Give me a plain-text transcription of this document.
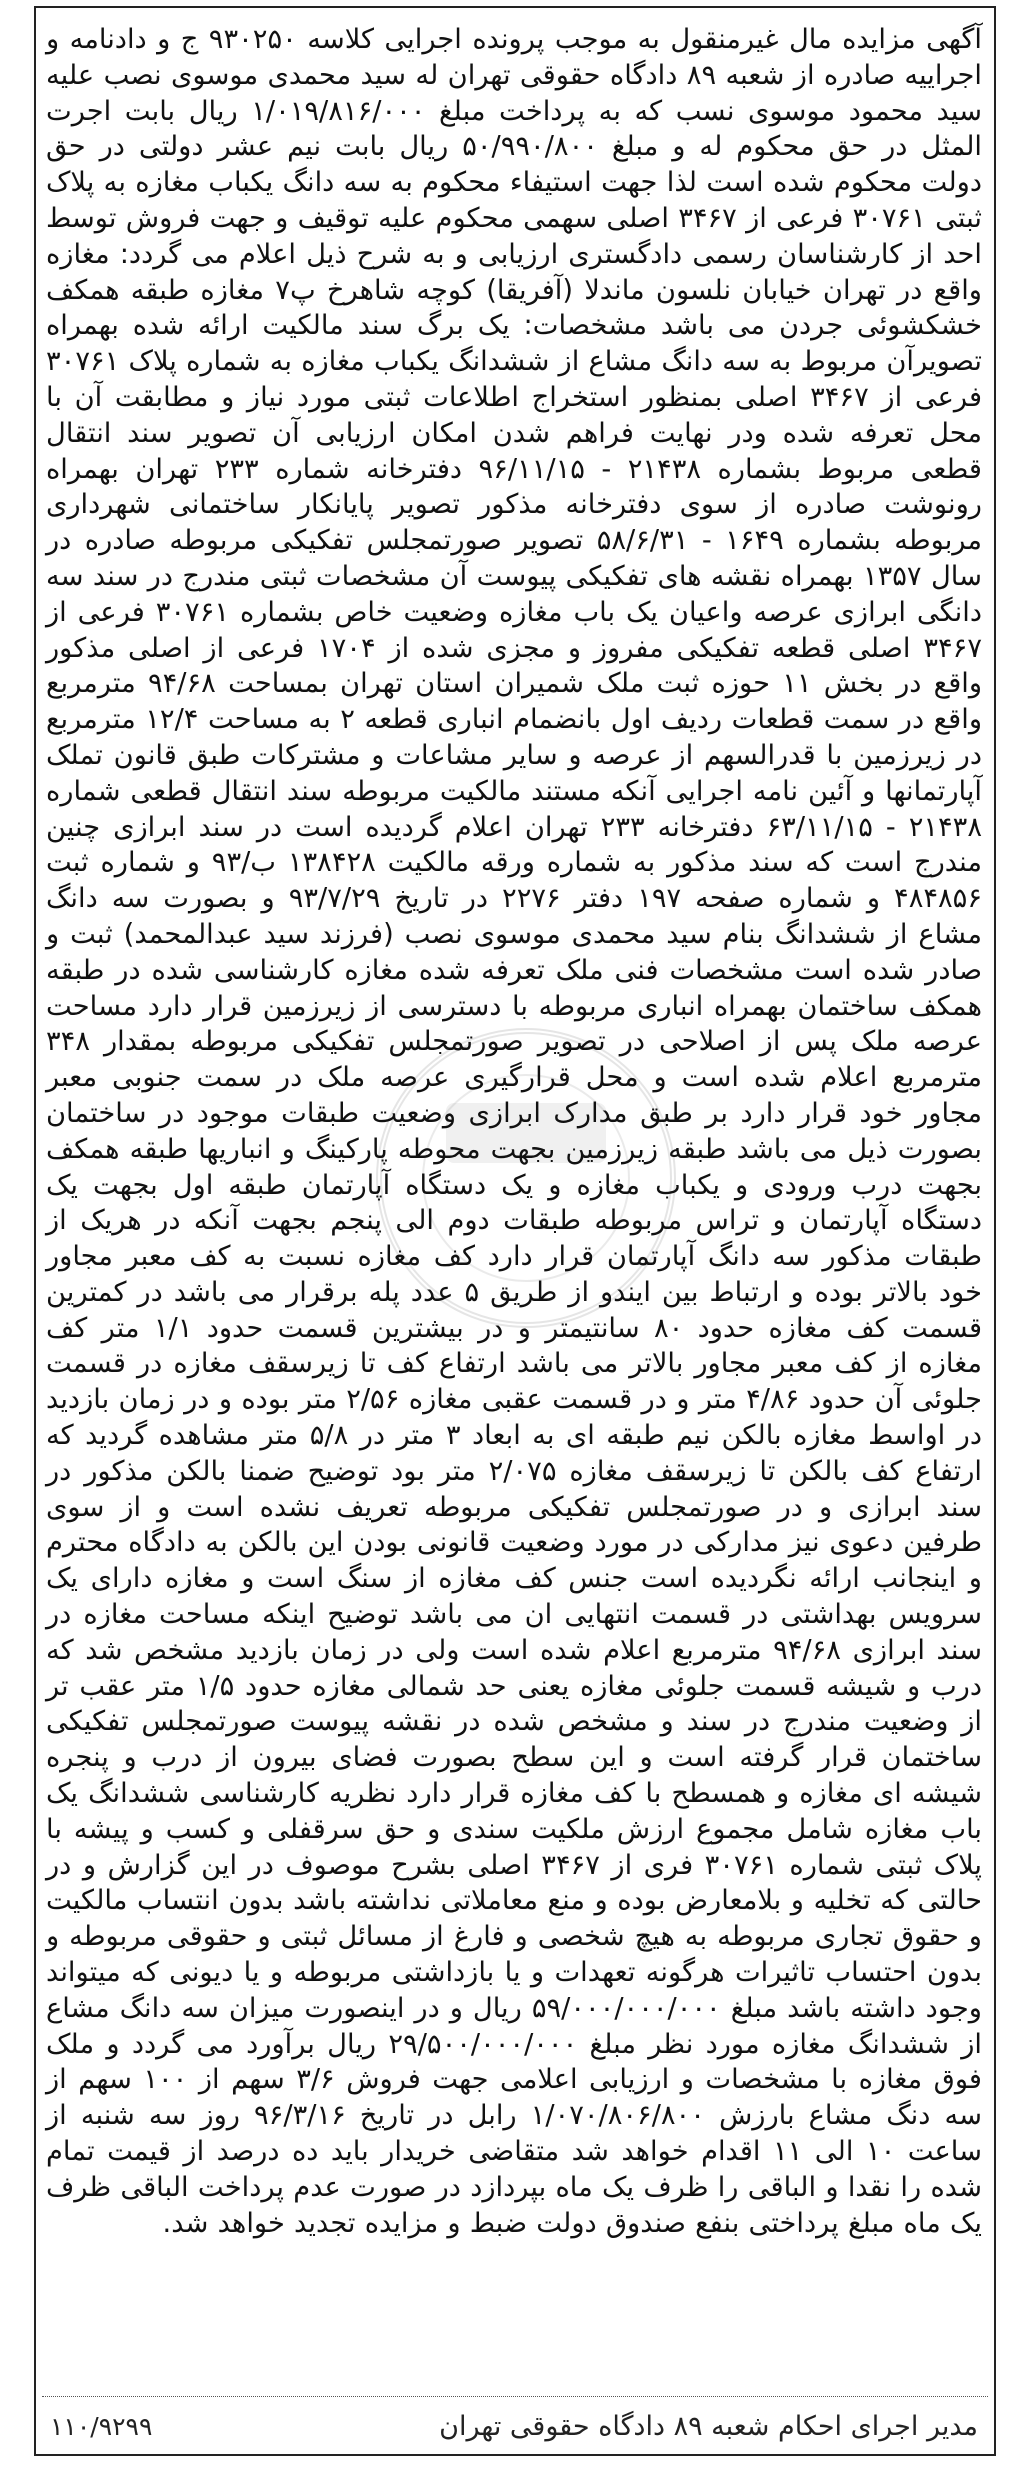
آگهی مزایده مال غیرمنقول به موجب پرونده اجرایی کلاسه ۹۳۰۲۵۰ ج و دادنامه و اجراییه صادره از شعبه ۸۹ دادگاه حقوقی تهران له سید محمدی موسوی نصب علیه سید محمود موسوی نسب که به پرداخت مبلغ ۱/۰۱۹/۸۱۶/۰۰۰ ریال بابت اجرت المثل در حق محکوم له و مبلغ ۵۰/۹۹۰/۸۰۰ ریال بابت نیم عشر دولتی در حق دولت محکوم شده است لذا جهت استیفاء محکوم به سه دانگ یکباب مغازه به پلاک ثبتی ۳۰۷۶۱ فرعی از ۳۴۶۷ اصلی سهمی محکوم علیه توقیف و جهت فروش توسط احد از کارشناسان رسمی دادگستری ارزیابی و به شرح ذیل اعلام می گردد: مغازه واقع در تهران خیابان نلسون ماندلا (آفریقا) کوچه شاهرخ پ۷ مغازه طبقه همکف خشکشوئی جردن می باشد مشخصات: یک برگ سند مالکیت ارائه شده بهمراه تصویرآن مربوط به سه دانگ مشاع از ششدانگ یکباب مغازه به شماره پلاک ۳۰۷۶۱ فرعی از ۳۴۶۷ اصلی بمنظور استخراج اطلاعات ثبتی مورد نیاز و مطابقت آن با محل تعرفه شده ودر نهایت فراهم شدن امکان ارزیابی آن تصویر سند انتقال قطعی مربوط بشماره ۲۱۴۳۸ - ۹۶/۱۱/۱۵ دفترخانه شماره ۲۳۳ تهران بهمراه رونوشت صادره از سوی دفترخانه مذکور تصویر پایانکار ساختمانی شهرداری مربوطه بشماره ۱۶۴۹ - ۵۸/۶/۳۱ تصویر صورتمجلس تفکیکی مربوطه صادره در سال ۱۳۵۷ بهمراه نقشه های تفکیکی پیوست آن مشخصات ثبتی مندرج در سند سه دانگی ابرازی عرصه واعیان یک باب مغازه وضعیت خاص بشماره ۳۰۷۶۱ فرعی از ۳۴۶۷ اصلی قطعه تفکیکی مفروز و مجزی شده از ۱۷۰۴ فرعی از اصلی مذکور واقع در بخش ۱۱ حوزه ثبت ملک شمیران استان تهران بمساحت ۹۴/۶۸ مترمربع واقع در سمت قطعات ردیف اول بانضمام انباری قطعه ۲ به مساحت ۱۲/۴ مترمربع در زیرزمین با قدرالسهم از عرصه و سایر مشاعات و مشترکات طبق قانون تملک آپارتمانها و آئین نامه اجرایی آنکه مستند مالکیت مربوطه سند انتقال قطعی شماره ۲۱۴۳۸ - ۶۳/۱۱/۱۵ دفترخانه ۲۳۳ تهران اعلام گردیده است در سند ابرازی چنین مندرج است که سند مذکور به شماره ورقه مالکیت ۱۳۸۴۲۸ ب/۹۳ و شماره ثبت ۴۸۴۸۵۶ و شماره صفحه ۱۹۷ دفتر ۲۲۷۶ در تاریخ ۹۳/۷/۲۹ و بصورت سه دانگ مشاع از ششدانگ بنام سید محمدی موسوی نصب (فرزند سید عبدالمحمد) ثبت و صادر شده است مشخصات فنی ملک تعرفه شده مغازه کارشناسی شده در طبقه همکف ساختمان بهمراه انباری مربوطه با دسترسی از زیرزمین قرار دارد مساحت عرصه ملک پس از اصلاحی در تصویر صورتمجلس تفکیکی مربوطه بمقدار ۳۴۸ مترمربع اعلام شده است و محل قرارگیری عرصه ملک در سمت جنوبی معبر مجاور خود قرار دارد بر طبق مدارک ابرازی وضعیت طبقات موجود در ساختمان بصورت ذیل می باشد طبقه زیرزمین بجهت محوطه پارکینگ و انباریها طبقه همکف بجهت درب ورودی و یکباب مغازه و یک دستگاه آپارتمان طبقه اول بجهت یک دستگاه آپارتمان و تراس مربوطه طبقات دوم الی پنجم بجهت آنکه در هریک از طبقات مذکور سه دانگ آپارتمان قرار دارد کف مغازه نسبت به کف معبر مجاور خود بالاتر بوده و ارتباط بین ایندو از طریق ۵ عدد پله برقرار می باشد در کمترین قسمت کف مغازه حدود ۸۰ سانتیمتر و در بیشترین قسمت حدود ۱/۱ متر کف مغازه از کف معبر مجاور بالاتر می باشد ارتفاع کف تا زیرسقف مغازه در قسمت جلوئی آن حدود ۴/۸۶ متر و در قسمت عقبی مغازه ۲/۵۶ متر بوده و در زمان بازدید در اواسط مغازه بالکن نیم طبقه ای به ابعاد ۳ متر در ۵/۸ متر مشاهده گردید که ارتفاع کف بالکن تا زیرسقف مغازه ۲/۰۷۵ متر بود توضیح ضمنا بالکن مذکور در سند ابرازی و در صورتمجلس تفکیکی مربوطه تعریف نشده است و از سوی طرفین دعوی نیز مدارکی در مورد وضعیت قانونی بودن این بالکن به دادگاه محترم و اینجانب ارائه نگردیده است جنس کف مغازه از سنگ است و مغازه دارای یک سرویس بهداشتی در قسمت انتهایی ان می باشد توضیح اینکه مساحت مغازه در سند ابرازی ۹۴/۶۸ مترمربع اعلام شده است ولی در زمان بازدید مشخص شد که درب و شیشه قسمت جلوئی مغازه یعنی حد شمالی مغازه حدود ۱/۵ متر عقب تر از وضعیت مندرج در سند و مشخص شده در نقشه پیوست صورتمجلس تفکیکی ساختمان قرار گرفته است و این سطح بصورت فضای بیرون از درب و پنجره شیشه ای مغازه و همسطح با کف مغازه قرار دارد نظریه کارشناسی ششدانگ یک باب مغازه شامل مجموع ارزش ملکیت سندی و حق سرقفلی و کسب و پیشه با پلاک ثبتی شماره ۳۰۷۶۱ فری از ۳۴۶۷ اصلی بشرح موصوف در این گزارش و در حالتی که تخلیه و بلامعارض بوده و منع معاملاتی نداشته باشد بدون انتساب مالکیت و حقوق تجاری مربوطه به هیچ شخصی و فارغ از مسائل ثبتی و حقوقی مربوطه و بدون احتساب تاثیرات هرگونه تعهدات و یا بازداشتی مربوطه و یا دیونی که میتواند وجود داشته باشد مبلغ ۵۹/۰۰۰/۰۰۰/۰۰۰ ریال و در اینصورت میزان سه دانگ مشاع از ششدانگ مغازه مورد نظر مبلغ ۲۹/۵۰۰/۰۰۰/۰۰۰ ریال برآورد می گردد و ملک فوق مغازه با مشخصات و ارزیابی اعلامی جهت فروش ۳/۶ سهم از ۱۰۰ سهم از سه دنگ مشاع بارزش ۱/۰۷۰/۸۰۶/۸۰۰ رابل در تاریخ ۹۶/۳/۱۶ روز سه شنبه از ساعت ۱۰ الی ۱۱ اقدام خواهد شد متقاضی خریدار باید ده درصد از قیمت تمام شده را نقدا و الباقی را ظرف یک ماه بپردازد در صورت عدم پرداخت الباقی ظرف یک ماه مبلغ پرداختی بنفع صندوق دولت ضبط و مزایده تجدید خواهد شد.
مدیر اجرای احکام شعبه ۸۹ دادگاه حقوقی تهران
۱۱۰/۹۲۹۹
